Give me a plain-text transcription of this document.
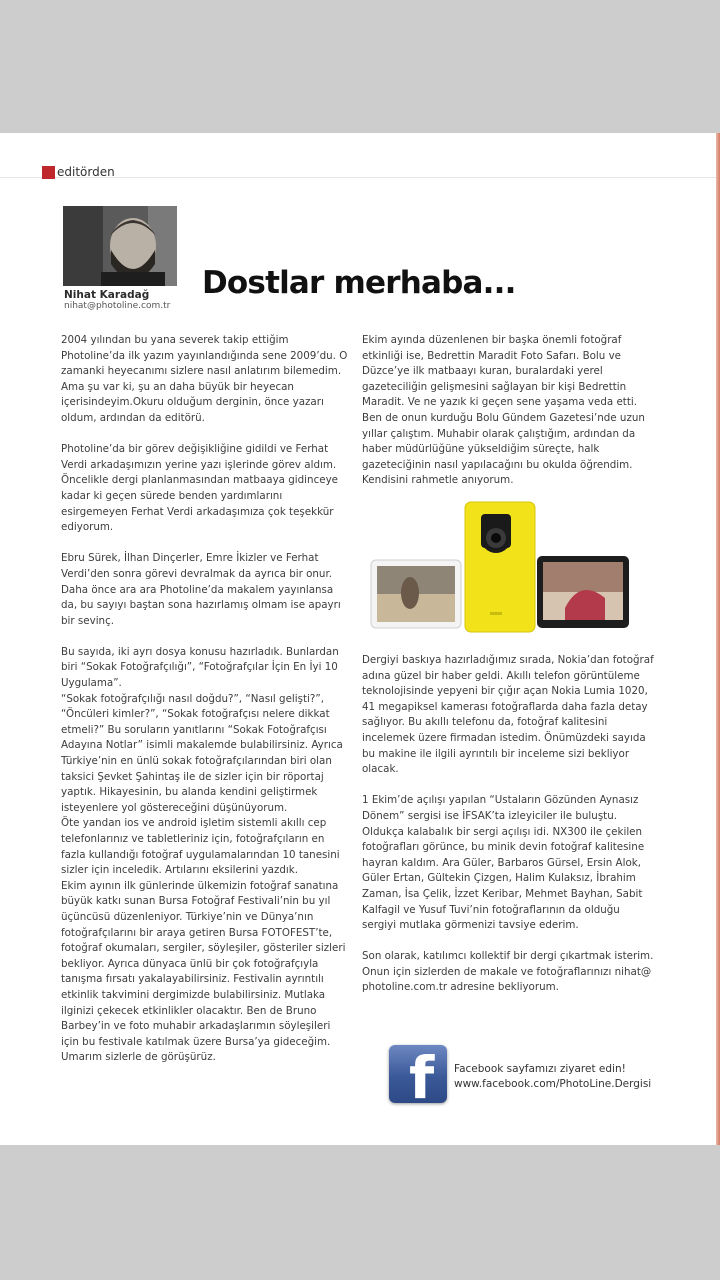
editörden
Nihat Karadağ
nihat@photoline.com.tr
Dostlar merhaba...

2004 yılından bu yana severek takip ettiğim Photoline’da ilk yazım yayınlandığında sene 2009’du. O zamanki heyecanımı sizlere nasıl anlatırım bilemedim. Ama şu var ki, şu an daha büyük bir heyecan içerisindeyim.Okuru olduğum derginin, önce yazarı oldum, ardından da editörü.

Photoline’da bir görev değişikliğine gidildi ve Ferhat Verdi arkadaşımızın yerine yazı işlerinde görev aldım. Öncelikle dergi planlanmasından matbaaya gidinceye kadar ki geçen sürede benden yardımlarını esirgemeyen Ferhat Verdi arkadaşımıza çok teşekkür ediyorum.

Ebru Sürek, İlhan Dinçerler, Emre İkizler ve Ferhat Verdi’den sonra görevi devralmak da ayrıca bir onur. Daha önce ara ara Photoline’da makalem yayınlansa da, bu sayıyı baştan sona hazırlamış olmam ise apayrı bir sevinç.

Bu sayıda, iki ayrı dosya konusu hazırladık. Bunlardan biri “Sokak Fotoğrafçılığı”, “Fotoğrafçılar İçin En İyi 10 Uygulama”.
“Sokak fotoğrafçılığı nasıl doğdu?”, “Nasıl gelişti?”, “Öncüleri kimler?”, “Sokak fotoğrafçısı nelere dikkat etmeli?” Bu soruların yanıtlarını “Sokak Fotoğrafçısı Adayına Notlar” isimli makalemde bulabilirsiniz. Ayrıca Türkiye’nin en ünlü sokak fotoğrafçılarından biri olan taksici Şevket Şahintaş ile de sizler için bir röportaj yaptık. Hikayesinin, bu alanda kendini geliştirmek isteyenlere yol göstereceğini düşünüyorum.
Öte yandan ios ve android işletim sistemli akıllı cep telefonlarınız ve tabletleriniz için, fotoğrafçıların en fazla kullandığı fotoğraf uygulamalarından 10 tanesini sizler için inceledik. Artılarını eksilerini yazdık.
Ekim ayının ilk günlerinde ülkemizin fotoğraf sanatına büyük katkı sunan Bursa Fotoğraf Festivali’nin bu yıl üçüncüsü düzenleniyor. Türkiye’nin ve Dünya’nın fotoğrafçılarını bir araya getiren Bursa FOTOFEST’te, fotoğraf okumaları, sergiler, söyleşiler, gösteriler sizleri bekliyor. Ayrıca dünyaca ünlü bir çok fotoğrafçıyla tanışma fırsatı yakalayabilirsiniz. Festivalin ayrıntılı etkinlik takvimini dergimizde bulabilirsiniz. Mutlaka ilginizi çekecek etkinlikler olacaktır. Ben de Bruno Barbey’in ve foto muhabir arkadaşlarımın söyleşileri için bu festivale katılmak üzere Bursa’ya gideceğim. Umarım sizlerle de görüşürüz.

Ekim ayında düzenlenen bir başka önemli fotoğraf etkinliği ise, Bedrettin Maradit Foto Safarı. Bolu ve Düzce’ye ilk matbaayı kuran, buralardaki yerel gazeteciliğin gelişmesini sağlayan bir kişi Bedrettin Maradit. Ve ne yazık ki geçen sene yaşama veda etti. Ben de onun kurduğu Bolu Gündem Gazetesi’nde uzun yıllar çalıştım. Muhabir olarak çalıştığım, ardından da haber müdürlüğüne yükseldiğim süreçte, halk gazeteciğinin nasıl yapılacağını bu okulda öğrendim. Kendisini rahmetle anıyorum.

Dergiyi baskıya hazırladığımız sırada, Nokia’dan fotoğraf adına güzel bir haber geldi. Akıllı telefon görüntüleme teknolojisinde yepyeni bir çığır açan Nokia Lumia 1020, 41 megapiksel kamerası fotoğraflarda daha fazla detay sağlıyor. Bu akıllı telefonu da, fotoğraf kalitesini incelemek üzere firmadan istedim. Önümüzdeki sayıda bu makine ile ilgili ayrıntılı bir inceleme sizi bekliyor olacak.

1 Ekim’de açılışı yapılan “Ustaların Gözünden Aynasız Dönem” sergisi ise İFSAK’ta izleyiciler ile buluştu. Oldukça kalabalık bir sergi açılışı idi. NX300 ile çekilen fotoğrafları görünce, bu minik devin fotoğraf kalitesine hayran kaldım. Ara Güler, Barbaros Gürsel, Ersin Alok, Güler Ertan, Gültekin Çizgen, Halim Kulaksız, İbrahim Zaman, İsa Çelik, İzzet Keribar, Mehmet Bayhan, Sabit Kalfagil ve Yusuf Tuvi’nin fotoğraflarının da olduğu sergiyi mutlaka görmenizi tavsiye ederim.

Son olarak, katılımcı kollektif bir dergi çıkartmak isterim. Onun için sizlerden de makale ve fotoğraflarınızı nihat@ photoline.com.tr adresine bekliyorum.

f Facebook sayfamızı ziyaret edin!
www.facebook.com/PhotoLine.Dergisi
